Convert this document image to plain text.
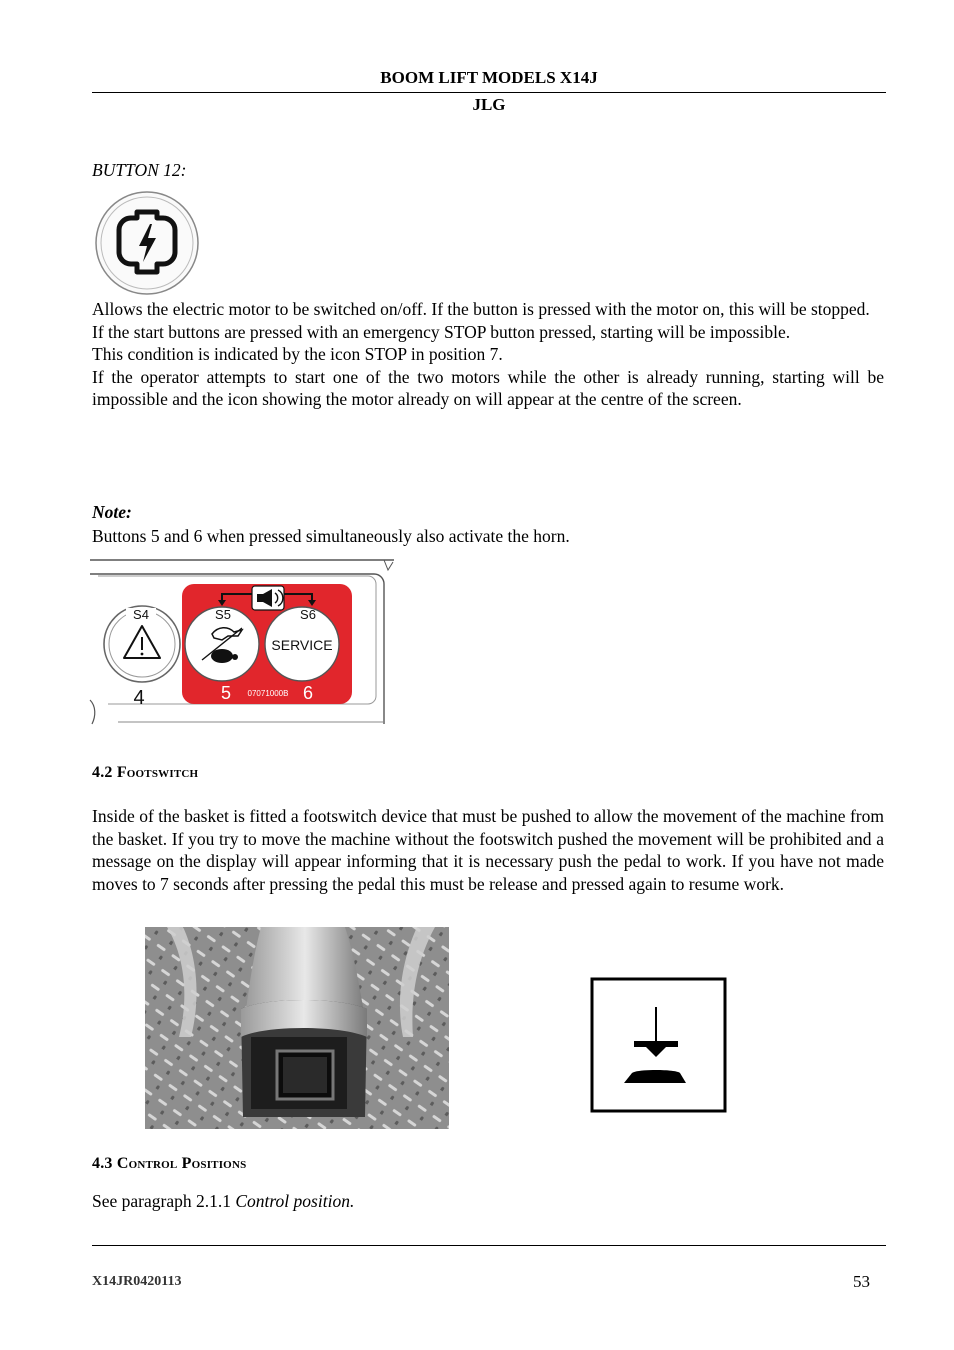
BOOM LIFT MODELS X14J
JLG
BUTTON 12:

Allows the electric motor to be switched on/off. If the button is pressed with the motor on, this will be stopped.

If the start buttons are pressed with an emergency STOP button pressed, starting will be impossible.

This condition is indicated by the icon STOP in position 7.

If the operator attempts to start one of the two motors while the other is already running, starting will be impossible and the icon showing the motor already on will appear at the centre of the screen.

Note:
Buttons 5 and 6 when pressed simultaneously also activate the horn.
SERVICE
S4	S5	S6
4	5	6
07071000B
4.2 Footswitch
Inside of the basket is fitted a footswitch device that must be pushed to allow the movement of the machine from the basket. If you try to move the machine without the footswitch pushed the movement will be prohibited and a message on the display will appear informing that it is necessary push the pedal to work. If you have not made moves to 7 seconds after pressing the pedal this must be release and pressed again to resume work.
4.3 Control Positions
See paragraph 2.1.1 Control position.
X14JR0420113	53
